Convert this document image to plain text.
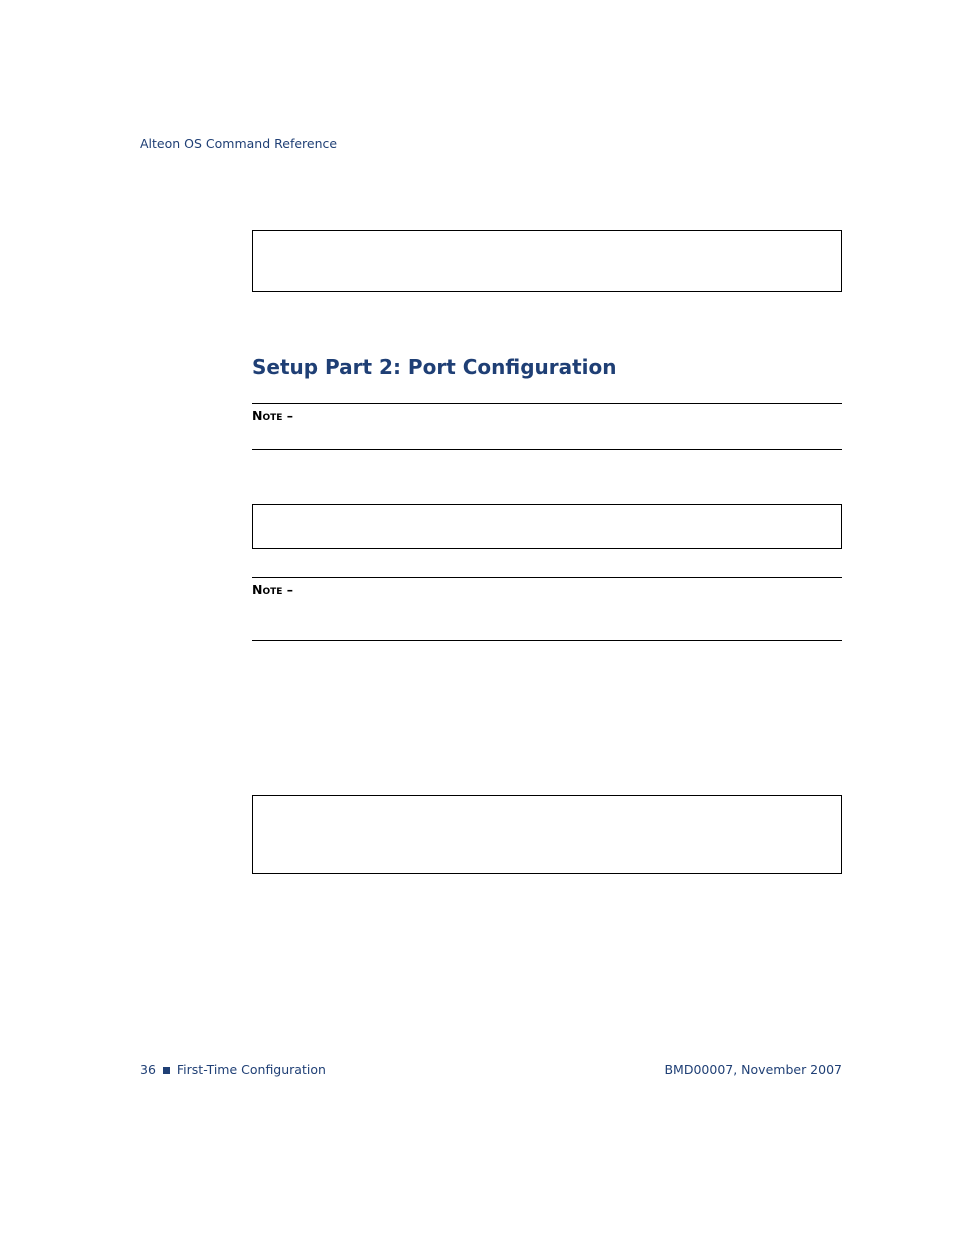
Alteon OS Command Reference
Setup Part 2: Port Configuration
Note –
Note –
36 First-Time Configuration	BMD00007, November 2007
